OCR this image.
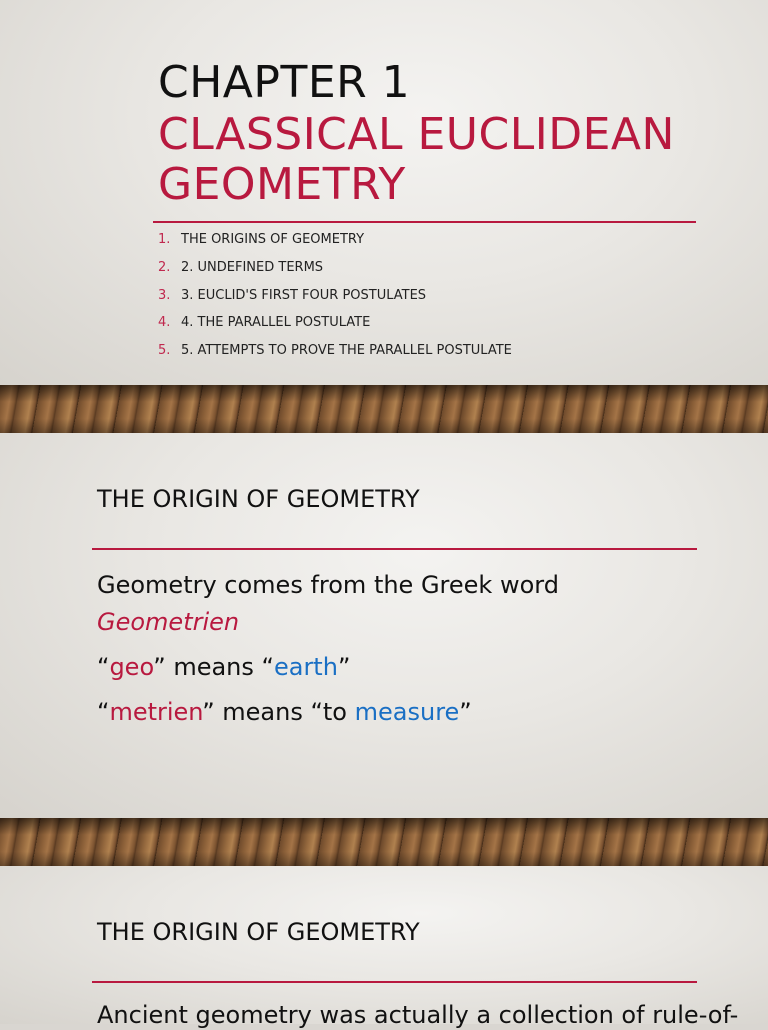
CHAPTER 1
CLASSICAL EUCLIDEAN GEOMETRY
1. THE ORIGINS OF GEOMETRY
2. 2. UNDEFINED TERMS
3. 3. EUCLID'S FIRST FOUR POSTULATES
4. 4. THE PARALLEL POSTULATE
5. 5. ATTEMPTS TO PROVE THE PARALLEL POSTULATE
THE ORIGIN OF GEOMETRY
Geometry comes from the Greek word
Geometrien
“geo” means “earth”
“metrien” means “to measure”
THE ORIGIN OF GEOMETRY
Ancient geometry was actually a collection of rule-of-
